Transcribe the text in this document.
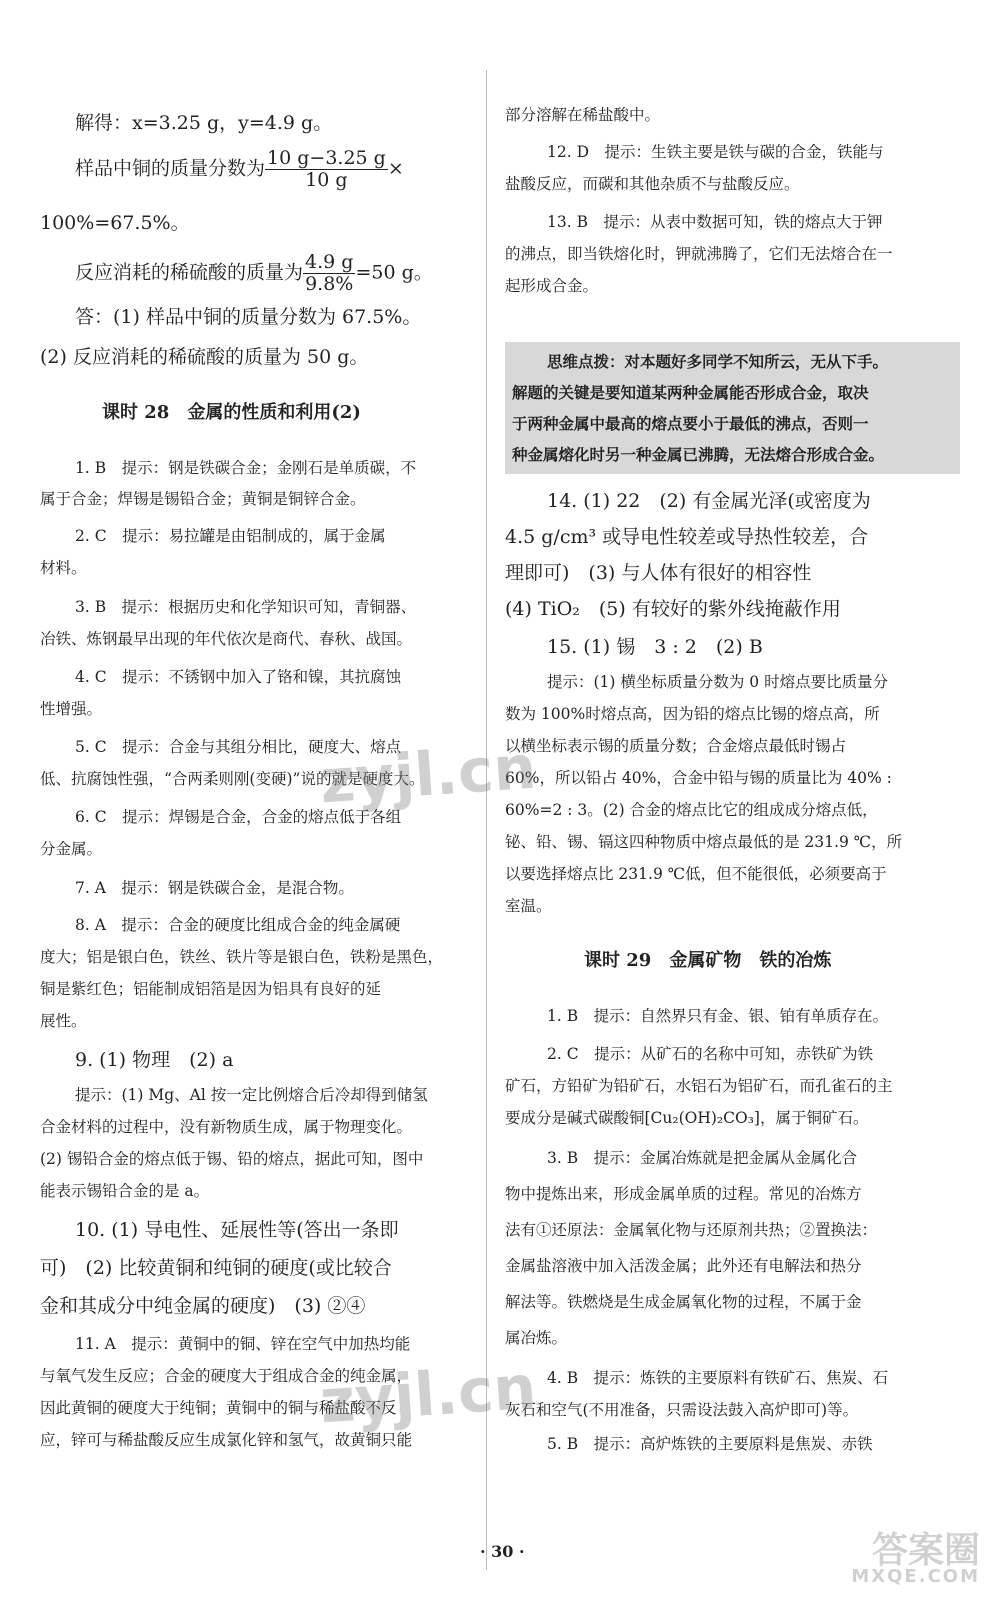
解得：x=3.25 g，y=4.9 g。
样品中铜的质量分数为 $\frac{10 g-3.25 g}{10 g}$ ×
100%=67.5%。
反应消耗的稀硫酸的质量为 $\frac{4.9 g}{9.8\%} =50$ g。
答：(1) 样品中铜的质量分数为 67.5%。
(2) 反应消耗的稀硫酸的质量为 50 g。
课时 28　金属的性质和利用(2)
1. B　提示：钢是铁碳合金；金刚石是单质碳，不
属于合金；焊锡是锡铅合金；黄铜是铜锌合金。
2. C　提示：易拉罐是由铝制成的，属于金属
材料。
3. B　提示：根据历史和化学知识可知，青铜器、
冶铁、炼钢最早出现的年代依次是商代、春秋、战国。
4. C　提示：不锈钢中加入了铬和镍，其抗腐蚀
性增强。
5. C　提示：合金与其组分相比，硬度大、熔点
低、抗腐蚀性强，“合两柔则刚(变硬)”说的就是硬度大。
6. C　提示：焊锡是合金，合金的熔点低于各组
分金属。
7. A　提示：钢是铁碳合金，是混合物。
8. A　提示：合金的硬度比组成合金的纯金属硬
度大；铝是银白色，铁丝、铁片等是银白色，铁粉是黑色，
铜是紫红色；铝能制成铝箔是因为铝具有良好的延
展性。
9. (1) 物理　(2) a
提示：(1) Mg、Al 按一定比例熔合后冷却得到储氢
合金材料的过程中，没有新物质生成，属于物理变化。
(2) 锡铅合金的熔点低于锡、铅的熔点，据此可知，图中
能表示锡铅合金的是 a。
10. (1) 导电性、延展性等(答出一条即
可)　(2) 比较黄铜和纯铜的硬度(或比较合
金和其成分中纯金属的硬度)　(3) ②④
11. A　提示：黄铜中的铜、锌在空气中加热均能
与氧气发生反应；合金的硬度大于组成合金的纯金属，
因此黄铜的硬度大于纯铜；黄铜中的铜与稀盐酸不反
应，锌可与稀盐酸反应生成氯化锌和氢气，故黄铜只能
部分溶解在稀盐酸中。
12. D　提示：生铁主要是铁与碳的合金，铁能与
盐酸反应，而碳和其他杂质不与盐酸反应。
13. B　提示：从表中数据可知，铁的熔点大于钾
的沸点，即当铁熔化时，钾就沸腾了，它们无法熔合在一
起形成合金。
思维点拨：对本题好多同学不知所云，无从下手。
解题的关键是要知道某两种金属能否形成合金，取决
于两种金属中最高的熔点要小于最低的沸点，否则一
种金属熔化时另一种金属已沸腾，无法熔合形成合金。
14. (1) 22　(2) 有金属光泽(或密度为
4.5 g/cm³ 或导电性较差或导热性较差，合
理即可)　(3) 与人体有很好的相容性
(4) TiO₂　(5) 有较好的紫外线掩蔽作用
15. (1) 锡　3 : 2　(2) B
提示：(1) 横坐标质量分数为 0 时熔点要比质量分
数为 100%时熔点高，因为铅的熔点比锡的熔点高，所
以横坐标表示锡的质量分数；合金熔点最低时锡占
60%，所以铅占 40%，合金中铅与锡的质量比为 40% :
60%=2 : 3。(2) 合金的熔点比它的组成成分熔点低，
铋、铅、锡、镉这四种物质中熔点最低的是 231.9 ℃，所
以要选择熔点比 231.9 ℃低，但不能很低，必须要高于
室温。
课时 29　金属矿物　铁的冶炼
1. B　提示：自然界只有金、银、铂有单质存在。
2. C　提示：从矿石的名称中可知，赤铁矿为铁
矿石，方铅矿为铅矿石，水铝石为铝矿石，而孔雀石的主
要成分是碱式碳酸铜[Cu₂(OH)₂CO₃]，属于铜矿石。
3. B　提示：金属冶炼就是把金属从金属化合
物中提炼出来，形成金属单质的过程。常见的冶炼方
法有①还原法：金属氧化物与还原剂共热；②置换法：
金属盐溶液中加入活泼金属；此外还有电解法和热分
解法等。铁燃烧是生成金属氧化物的过程，不属于金
属冶炼。
4. B　提示：炼铁的主要原料有铁矿石、焦炭、石
灰石和空气(不用准备，只需设法鼓入高炉即可)等。
5. B　提示：高炉炼铁的主要原料是焦炭、赤铁
· 30 ·
zyjl.cn
zyjl.cn
答案圈
MXQE.COM
